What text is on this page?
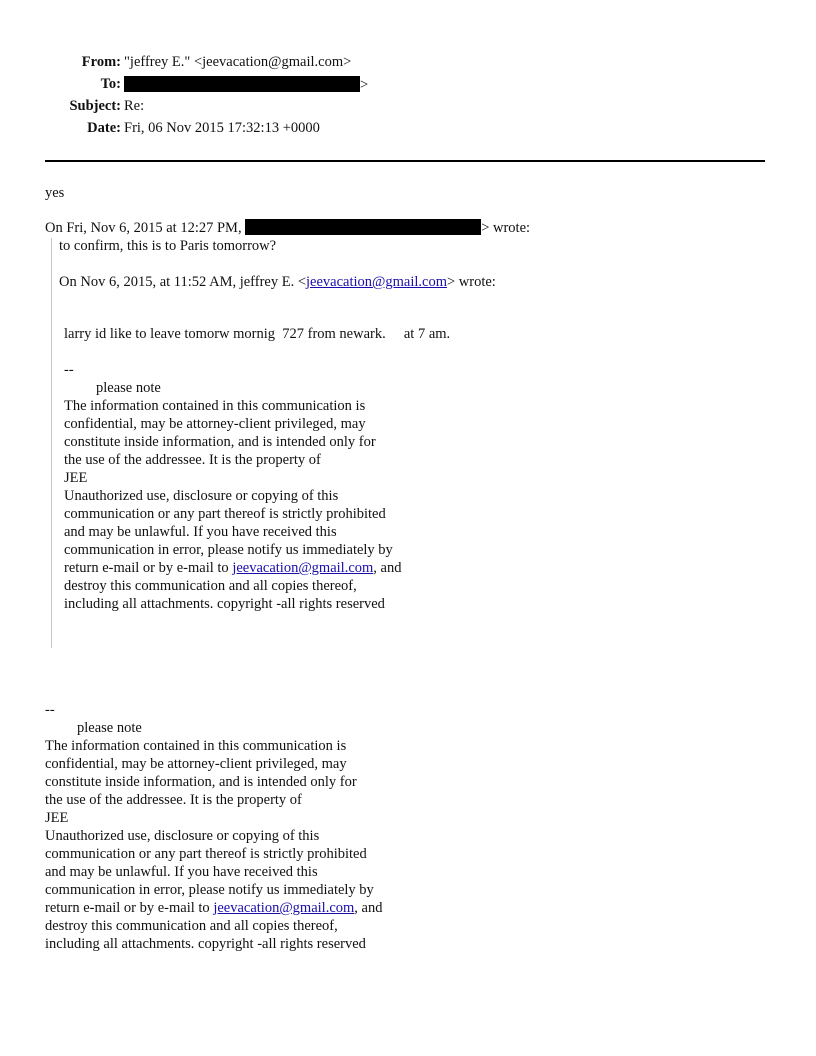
From: "jeffrey E." <jeevacation@gmail.com>
To:	>
Subject: Re:
Date: Fri, 06 Nov 2015 17:32:13 +0000
yes
On Fri, Nov 6, 2015 at 12:27 PM,	> wrote:
to confirm, this is to Paris tomorrow?
On Nov 6, 2015, at 11:52 AM, jeffrey E. <jeevacation@gmail.com> wrote:
larry id like to leave tomorw mornig  727 from newark.     at 7 am.
--
please note
The information contained in this communication is
confidential, may be attorney-client privileged, may
constitute inside information, and is intended only for
the use of the addressee. It is the property of
JEE
Unauthorized use, disclosure or copying of this
communication or any part thereof is strictly prohibited
and may be unlawful. If you have received this
communication in error, please notify us immediately by
return e-mail or by e-mail to jeevacation@gmail.com, and
destroy this communication and all copies thereof,
including all attachments. copyright -all rights reserved
--
please note
The information contained in this communication is
confidential, may be attorney-client privileged, may
constitute inside information, and is intended only for
the use of the addressee. It is the property of
JEE
Unauthorized use, disclosure or copying of this
communication or any part thereof is strictly prohibited
and may be unlawful. If you have received this
communication in error, please notify us immediately by
return e-mail or by e-mail to jeevacation@gmail.com, and
destroy this communication and all copies thereof,
including all attachments. copyright -all rights reserved
